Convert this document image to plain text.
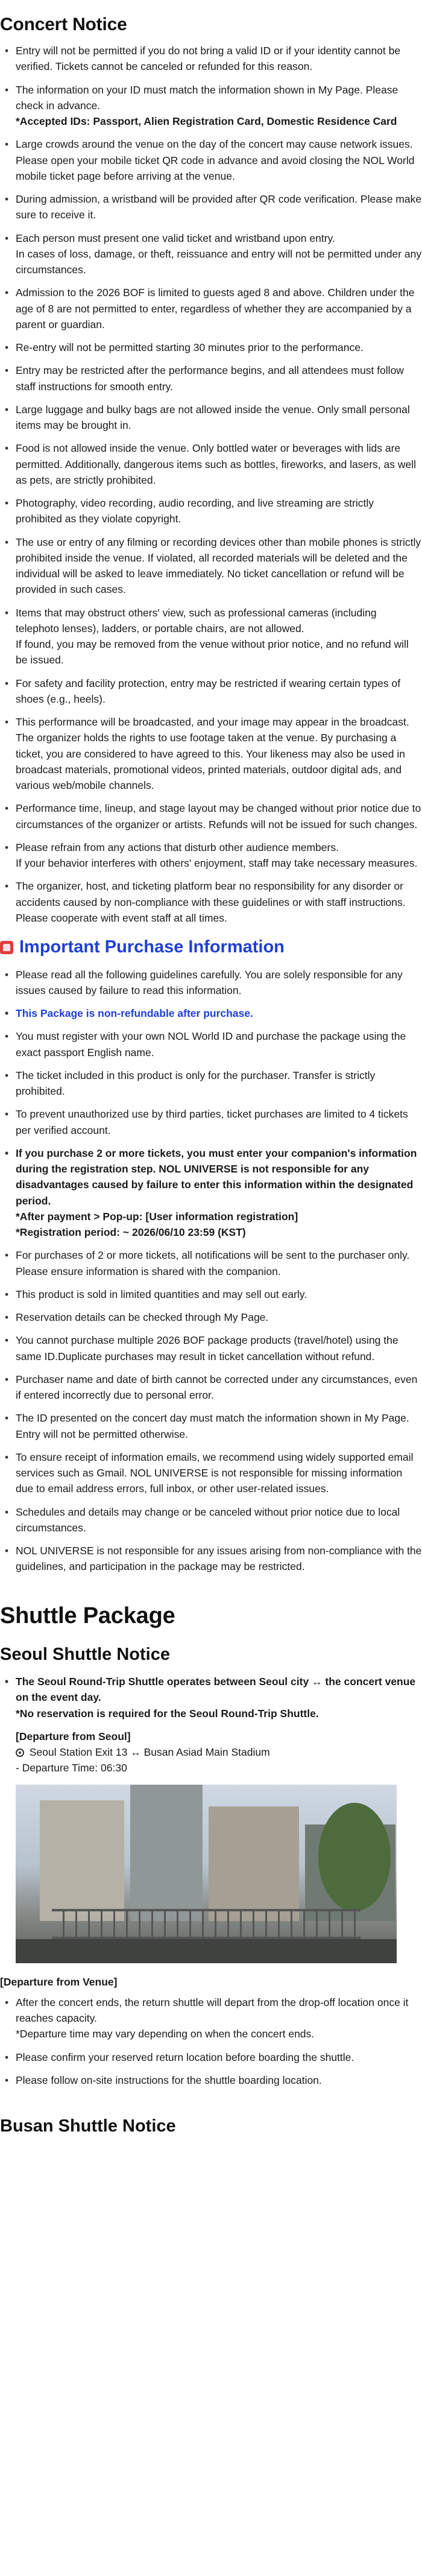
Concert Notice
• Entry will not be permitted if you do not bring a valid ID or if your identity cannot be verified. Tickets cannot be canceled or refunded for this reason.
• The information on your ID must match the information shown in My Page. Please check in advance.
*Accepted IDs: Passport, Alien Registration Card, Domestic Residence Card
• Large crowds around the venue on the day of the concert may cause network issues. Please open your mobile ticket QR code in advance and avoid closing the NOL World mobile ticket page before arriving at the venue.
• During admission, a wristband will be provided after QR code verification. Please make sure to receive it.
• Each person must present one valid ticket and wristband upon entry.
In cases of loss, damage, or theft, reissuance and entry will not be permitted under any circumstances.
• Admission to the 2026 BOF is limited to guests aged 8 and above. Children under the age of 8 are not permitted to enter, regardless of whether they are accompanied by a parent or guardian.
• Re-entry will not be permitted starting 30 minutes prior to the performance.
• Entry may be restricted after the performance begins, and all attendees must follow staff instructions for smooth entry.
• Large luggage and bulky bags are not allowed inside the venue. Only small personal items may be brought in.
• Food is not allowed inside the venue. Only bottled water or beverages with lids are permitted. Additionally, dangerous items such as bottles, fireworks, and lasers, as well as pets, are strictly prohibited.
• Photography, video recording, audio recording, and live streaming are strictly prohibited as they violate copyright.
• The use or entry of any filming or recording devices other than mobile phones is strictly prohibited inside the venue. If violated, all recorded materials will be deleted and the individual will be asked to leave immediately. No ticket cancellation or refund will be provided in such cases.
• Items that may obstruct others' view, such as professional cameras (including telephoto lenses), ladders, or portable chairs, are not allowed.
If found, you may be removed from the venue without prior notice, and no refund will be issued.
• For safety and facility protection, entry may be restricted if wearing certain types of shoes (e.g., heels).
• This performance will be broadcasted, and your image may appear in the broadcast. The organizer holds the rights to use footage taken at the venue. By purchasing a ticket, you are considered to have agreed to this. Your likeness may also be used in broadcast materials, promotional videos, printed materials, outdoor digital ads, and various web/mobile channels.
• Performance time, lineup, and stage layout may be changed without prior notice due to circumstances of the organizer or artists. Refunds will not be issued for such changes.
• Please refrain from any actions that disturb other audience members.
If your behavior interferes with others' enjoyment, staff may take necessary measures.
• The organizer, host, and ticketing platform bear no responsibility for any disorder or accidents caused by non-compliance with these guidelines or with staff instructions. Please cooperate with event staff at all times.
Important Purchase Information
• Please read all the following guidelines carefully. You are solely responsible for any issues caused by failure to read this information.
• This Package is non-refundable after purchase.
• You must register with your own NOL World ID and purchase the package using the exact passport English name.
• The ticket included in this product is only for the purchaser. Transfer is strictly prohibited.
• To prevent unauthorized use by third parties, ticket purchases are limited to 4 tickets per verified account.
• If you purchase 2 or more tickets, you must enter your companion's information during the registration step. NOL UNIVERSE is not responsible for any disadvantages caused by failure to enter this information within the designated period.
*After payment > Pop-up: [User information registration]
*Registration period: ~ 2026/06/10 23:59 (KST)
• For purchases of 2 or more tickets, all notifications will be sent to the purchaser only. Please ensure information is shared with the companion.
• This product is sold in limited quantities and may sell out early.
• Reservation details can be checked through My Page.
• You cannot purchase multiple 2026 BOF package products (travel/hotel) using the same ID.Duplicate purchases may result in ticket cancellation without refund.
• Purchaser name and date of birth cannot be corrected under any circumstances, even if entered incorrectly due to personal error.
• The ID presented on the concert day must match the information shown in My Page. Entry will not be permitted otherwise.
• To ensure receipt of information emails, we recommend using widely supported email services such as Gmail. NOL UNIVERSE is not responsible for missing information due to email address errors, full inbox, or other user-related issues.
• Schedules and details may change or be canceled without prior notice due to local circumstances.
• NOL UNIVERSE is not responsible for any issues arising from non-compliance with the guidelines, and participation in the package may be restricted.
Shuttle Package
Seoul Shuttle Notice
• The Seoul Round-Trip Shuttle operates between Seoul city ↔ the concert venue on the event day.
*No reservation is required for the Seoul Round-Trip Shuttle.
[Departure from Seoul]
Seoul Station Exit 13 ↔ Busan Asiad Main Stadium
- Departure Time: 06:30
[Departure from Venue]
• After the concert ends, the return shuttle will depart from the drop-off location once it reaches capacity.
*Departure time may vary depending on when the concert ends.
• Please confirm your reserved return location before boarding the shuttle.
• Please follow on-site instructions for the shuttle boarding location.
Busan Shuttle Notice
